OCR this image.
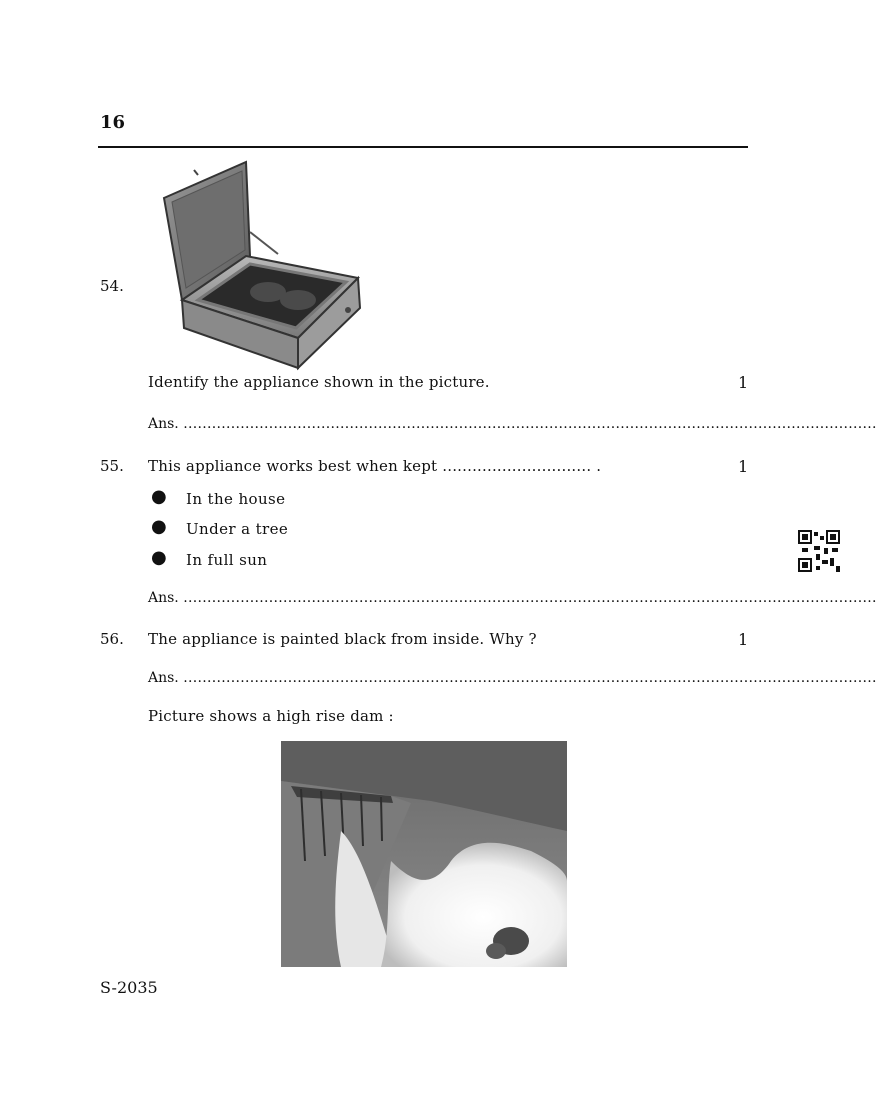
16
54.
Identify the appliance shown in the picture.	1
Ans. ..................................................................................................................................................
55. This appliance works best when kept .............................. .	1
● In the house
● Under a tree
● In full sun
Ans. ..................................................................................................................................................
56. The appliance is painted black from inside. Why ?	1
Ans. ..................................................................................................................................................
Picture shows a high rise dam :
S-2035
